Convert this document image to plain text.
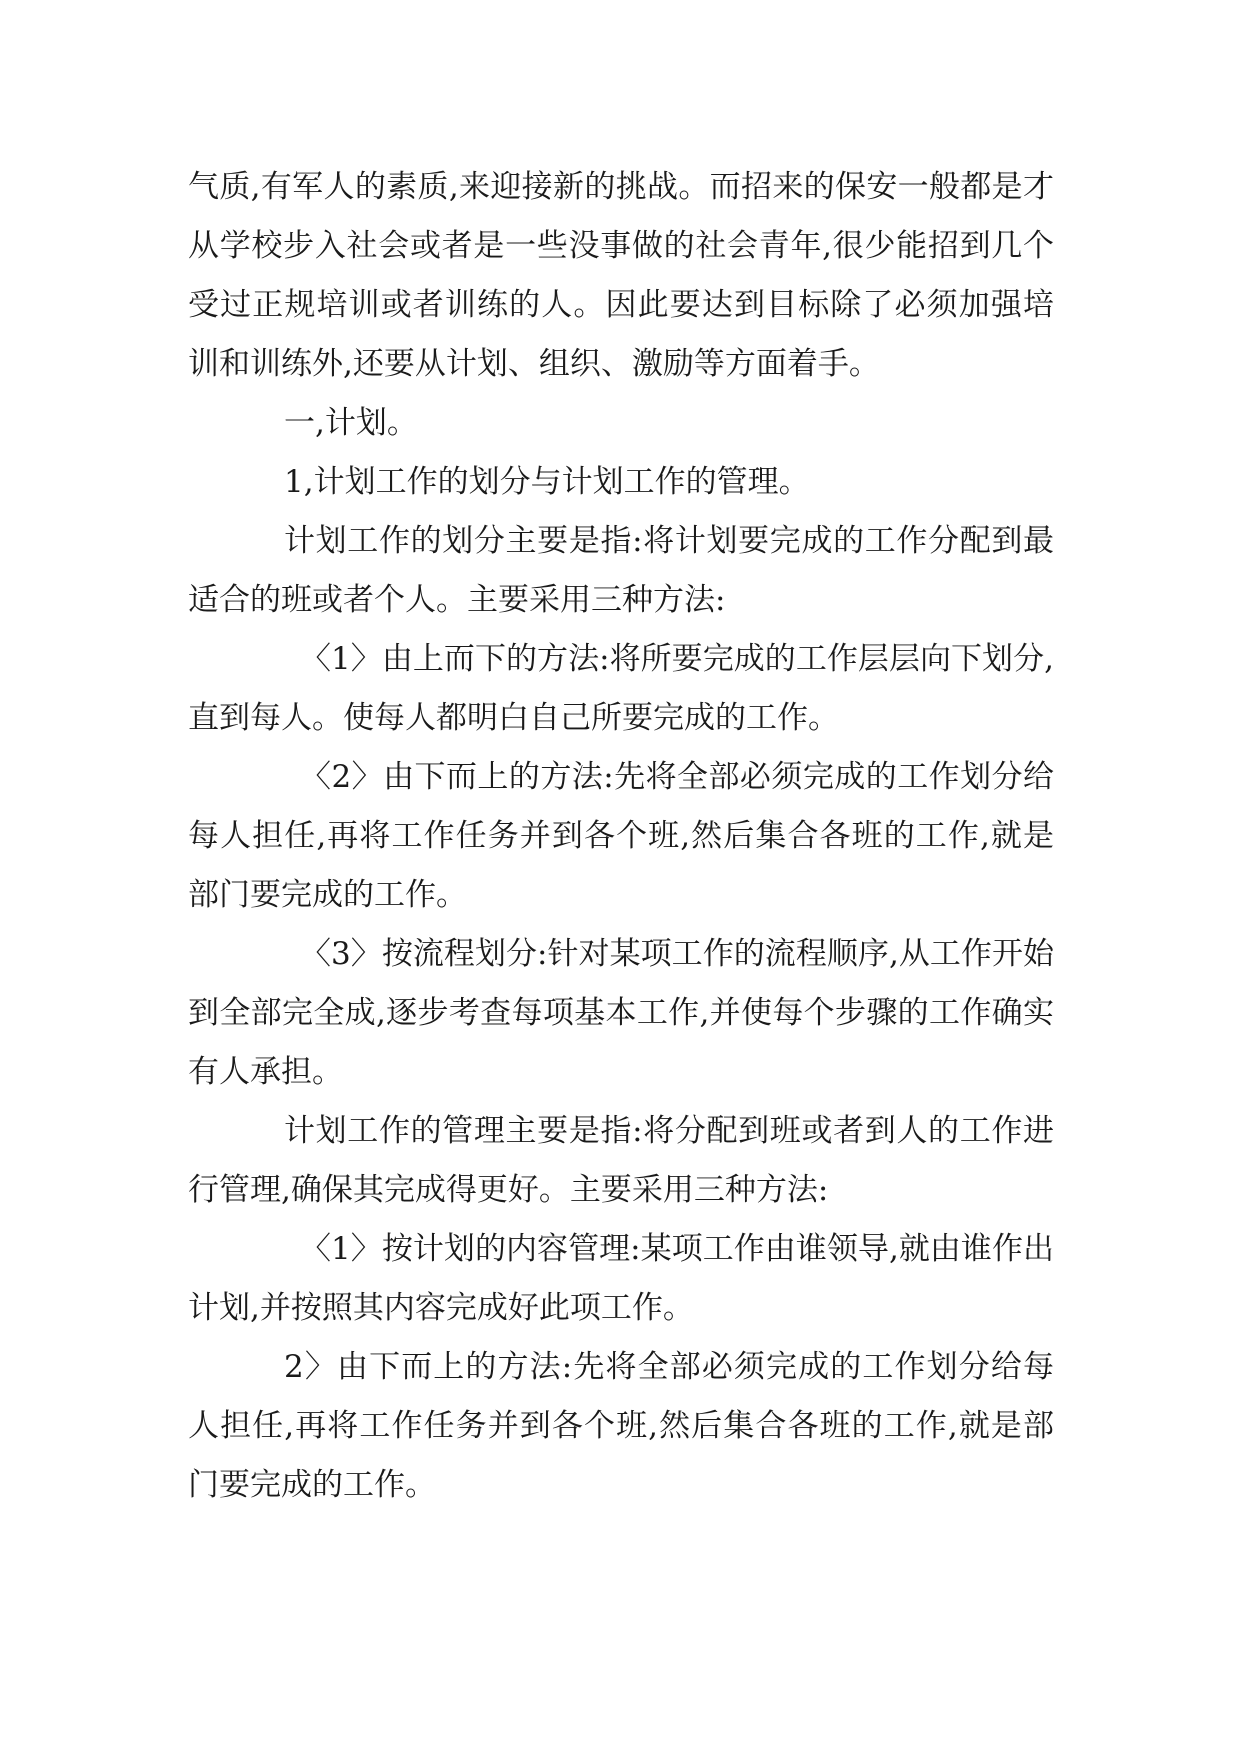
气质,有军人的素质,来迎接新的挑战。而招来的保安一般都是才从学校步入社会或者是一些没事做的社会青年,很少能招到几个受过正规培训或者训练的人。因此要达到目标除了必须加强培训和训练外,还要从计划、组织、激励等方面着手。

一,计划。

1,计划工作的划分与计划工作的管理。

计划工作的划分主要是指:将计划要完成的工作分配到最适合的班或者个人。主要采用三种方法:

〈1〉由上而下的方法:将所要完成的工作层层向下划分,直到每人。使每人都明白自己所要完成的工作。

〈2〉由下而上的方法:先将全部必须完成的工作划分给每人担任,再将工作任务并到各个班,然后集合各班的工作,就是部门要完成的工作。

〈3〉按流程划分:针对某项工作的流程顺序,从工作开始到全部完全成,逐步考查每项基本工作,并使每个步骤的工作确实有人承担。

计划工作的管理主要是指:将分配到班或者到人的工作进行管理,确保其完成得更好。主要采用三种方法:

〈1〉按计划的内容管理:某项工作由谁领导,就由谁作出计划,并按照其内容完成好此项工作。

2〉由下而上的方法:先将全部必须完成的工作划分给每人担任,再将工作任务并到各个班,然后集合各班的工作,就是部门要完成的工作。
